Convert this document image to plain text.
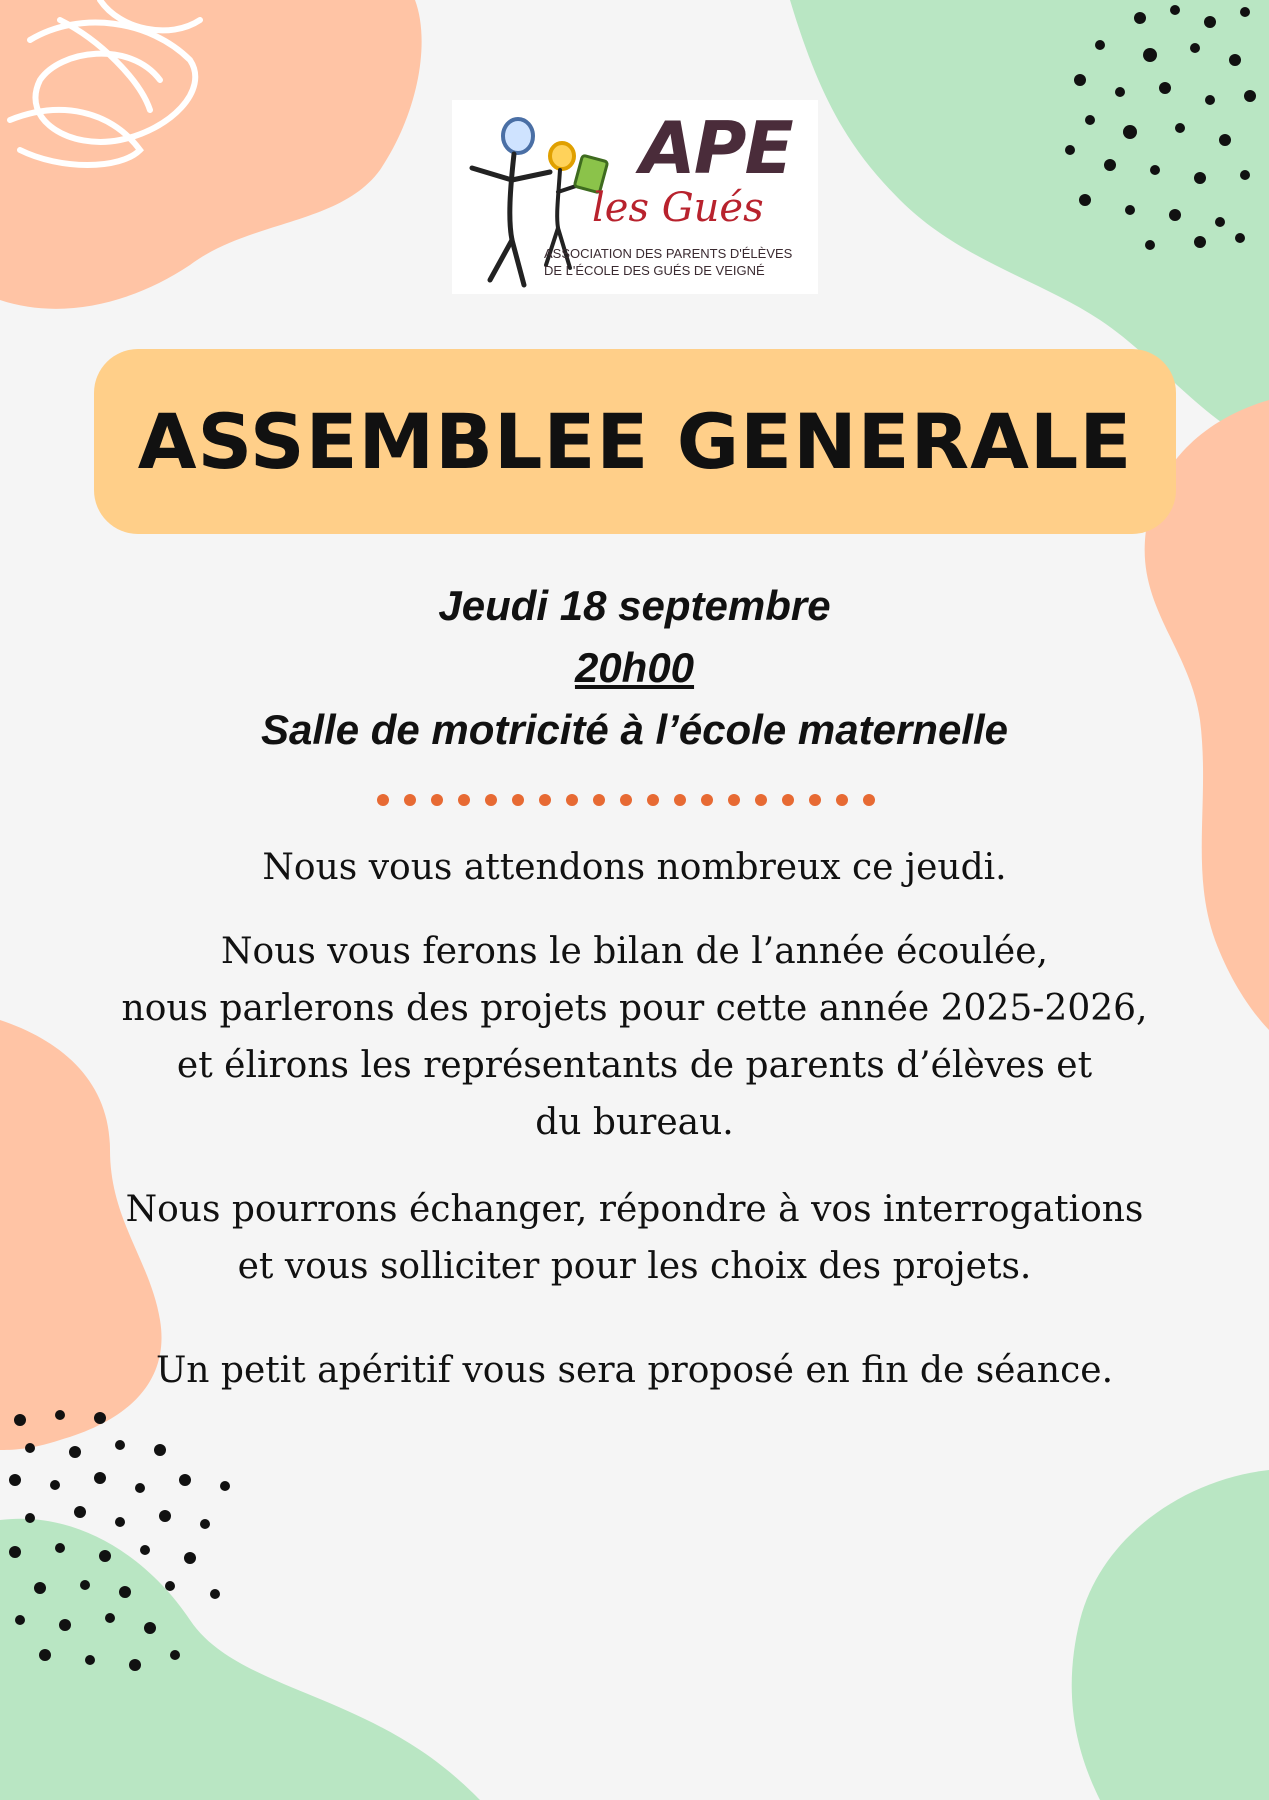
APE
les Gués
ASSOCIATION DES PARENTS D'ÉLÈVES
DE L'ÉCOLE DES GUÉS DE VEIGNÉ
ASSEMBLEE GENERALE
Jeudi 18 septembre
20h00
Salle de motricité à l’école maternelle
Nous vous attendons nombreux ce jeudi.
Nous vous ferons le bilan de l’année écoulée,
nous parlerons des projets pour cette année 2025-2026,
et élirons les représentants de parents d’élèves et
du bureau.
Nous pourrons échanger, répondre à vos interrogations
et vous solliciter pour les choix des projets.
Un petit apéritif vous sera proposé en fin de séance.
